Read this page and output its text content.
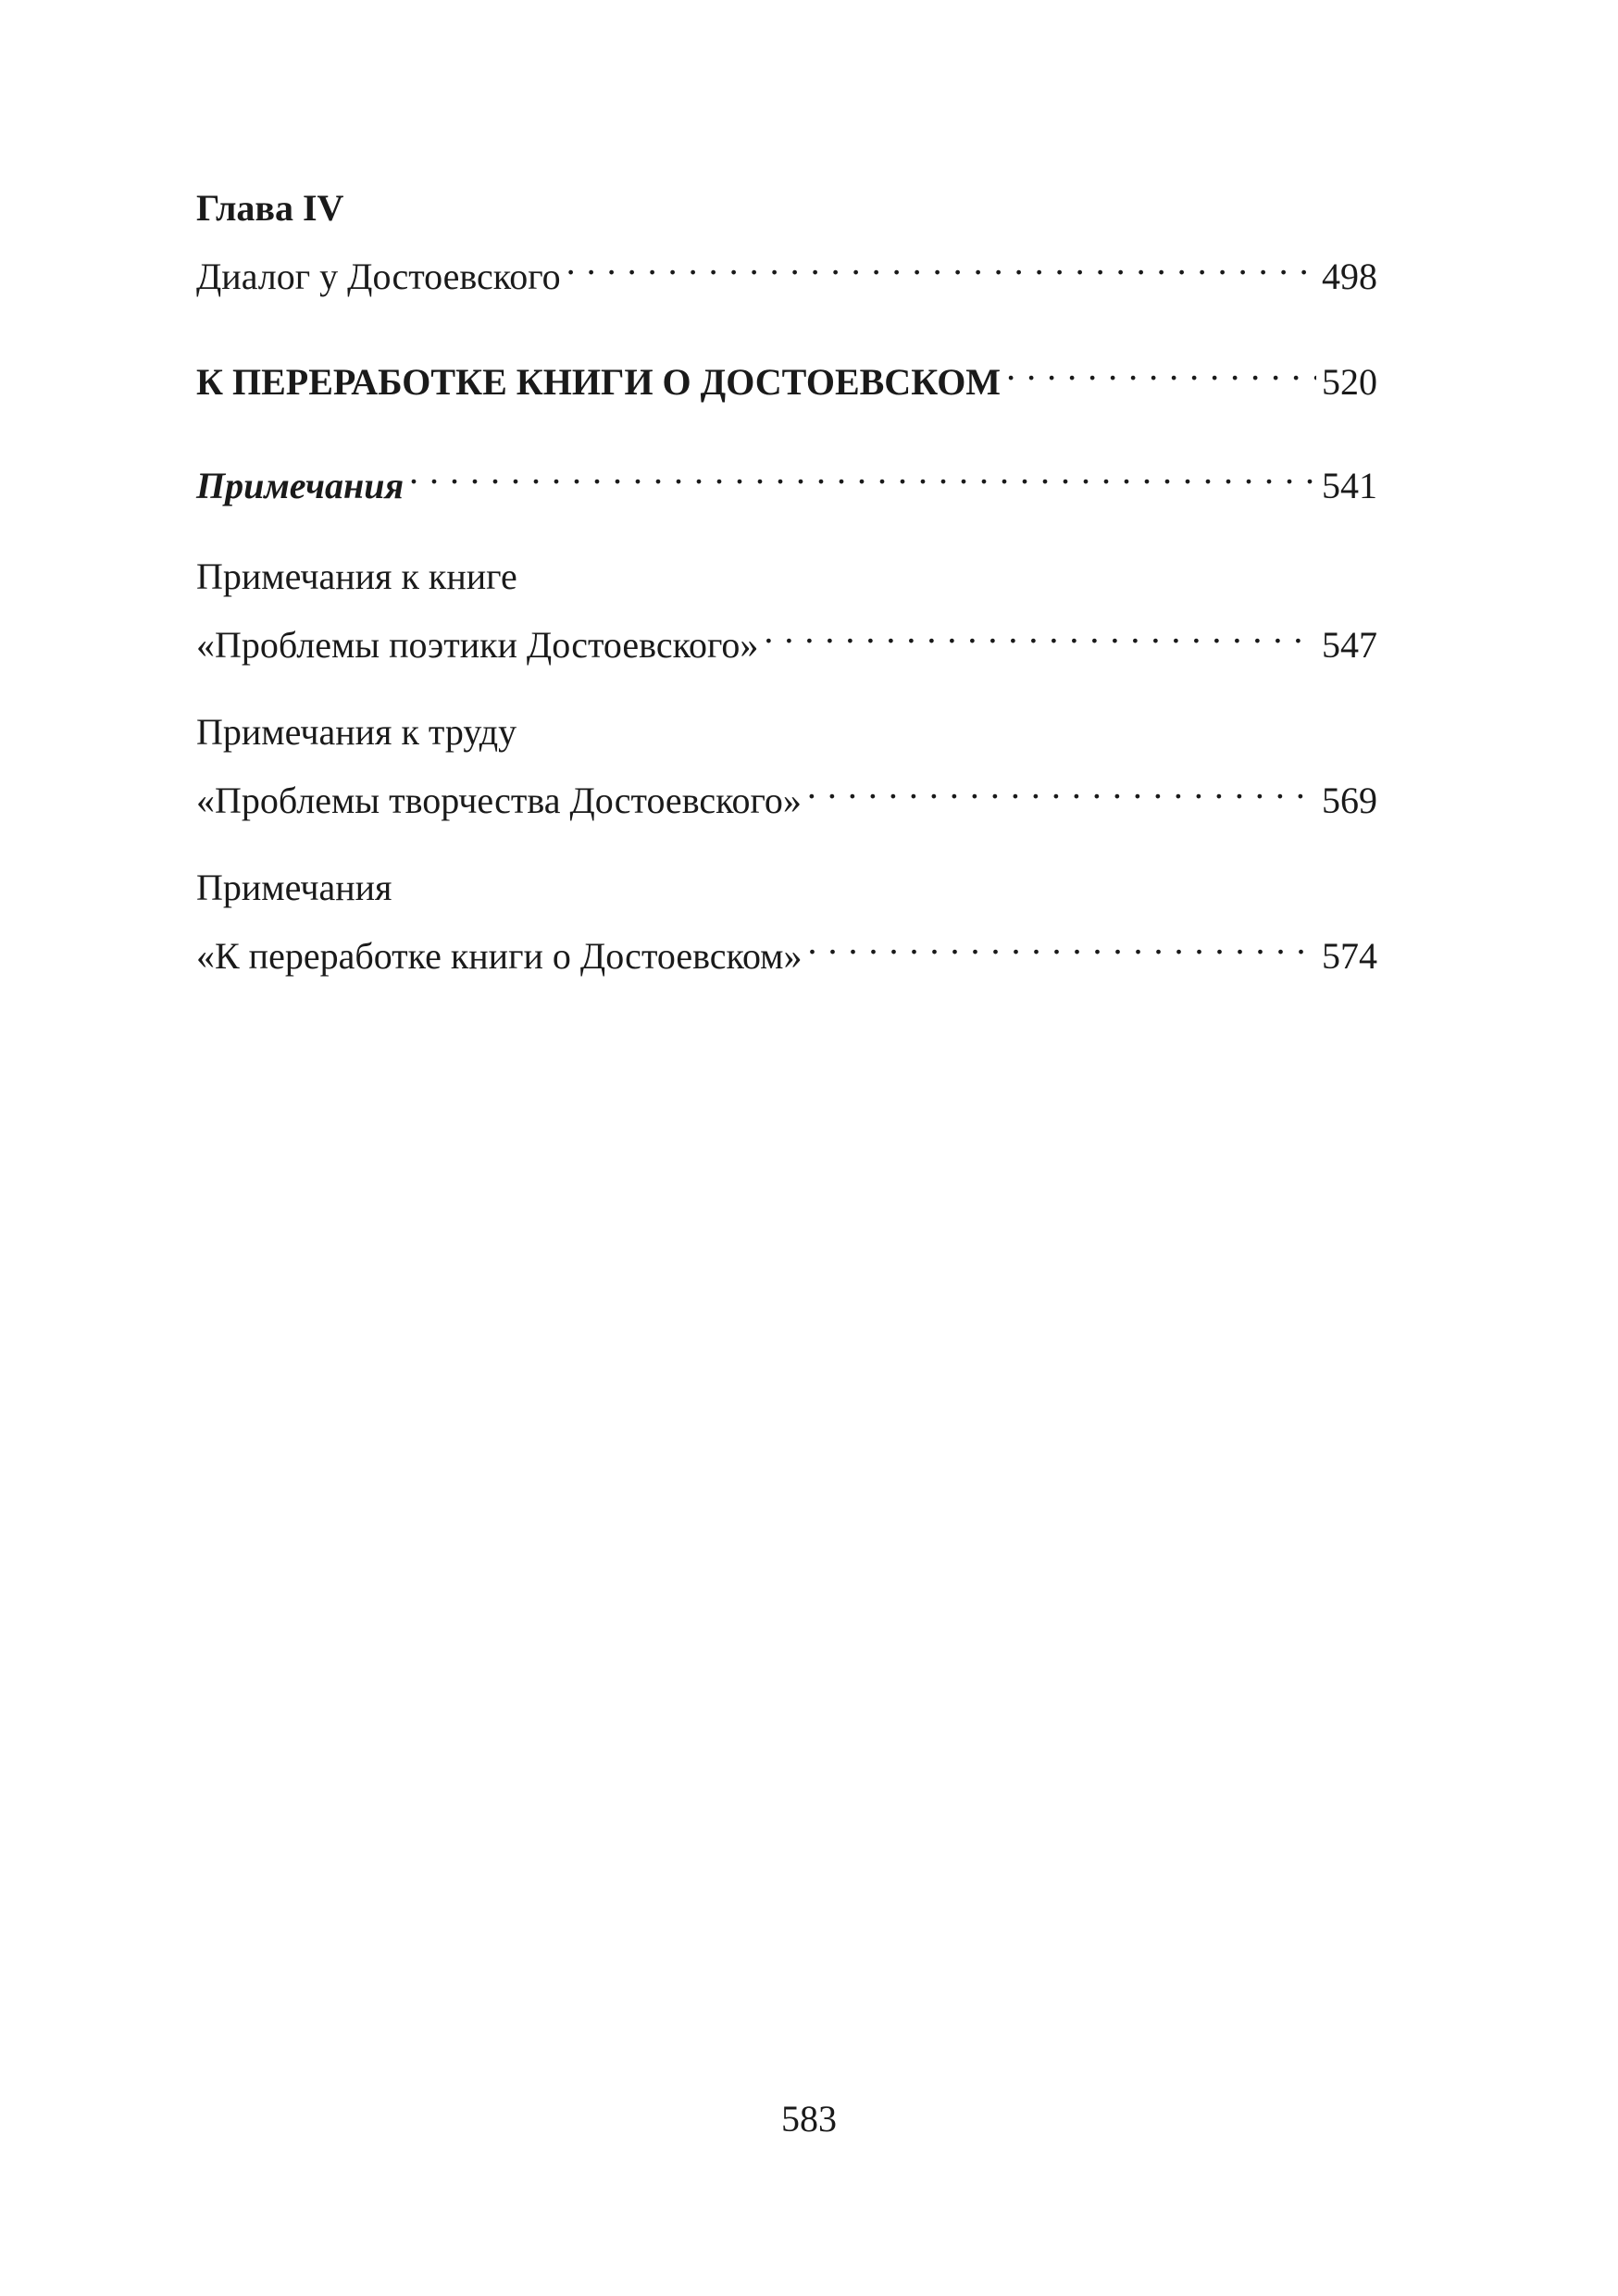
Глава IV
Диалог у Достоевского . . .	498
К ПЕРЕРАБОТКЕ КНИГИ О ДОСТОЕВСКОМ . . .	520
Примечания . . .	541
Примечания к книге
«Проблемы поэтики Достоевского» . . .	547
Примечания к труду
«Проблемы творчества Достоевского» . . .	569
Примечания
«К переработке книги о Достоевском» . . .	574
583
